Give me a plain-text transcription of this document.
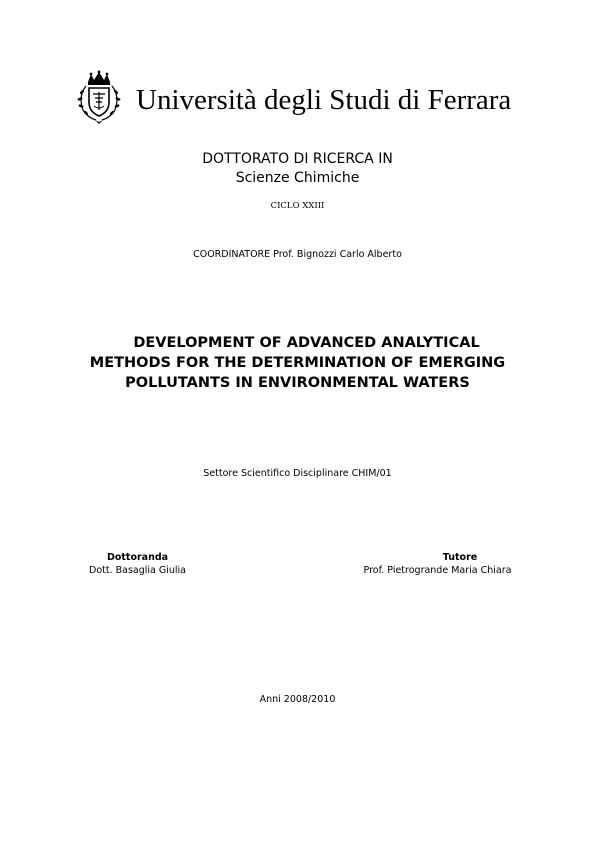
Università degli Studi di Ferrara
DOTTORATO DI RICERCA IN
Scienze Chimiche
CICLO XXIII
COORDINATORE Prof. Bignozzi Carlo Alberto
DEVELOPMENT OF ADVANCED ANALYTICAL
METHODS FOR THE DETERMINATION OF EMERGING
POLLUTANTS IN ENVIRONMENTAL WATERS
Settore Scientifico Disciplinare CHIM/01
Dottoranda
Dott. Basaglia Giulia
Tutore
Prof. Pietrogrande Maria Chiara
Anni 2008/2010
